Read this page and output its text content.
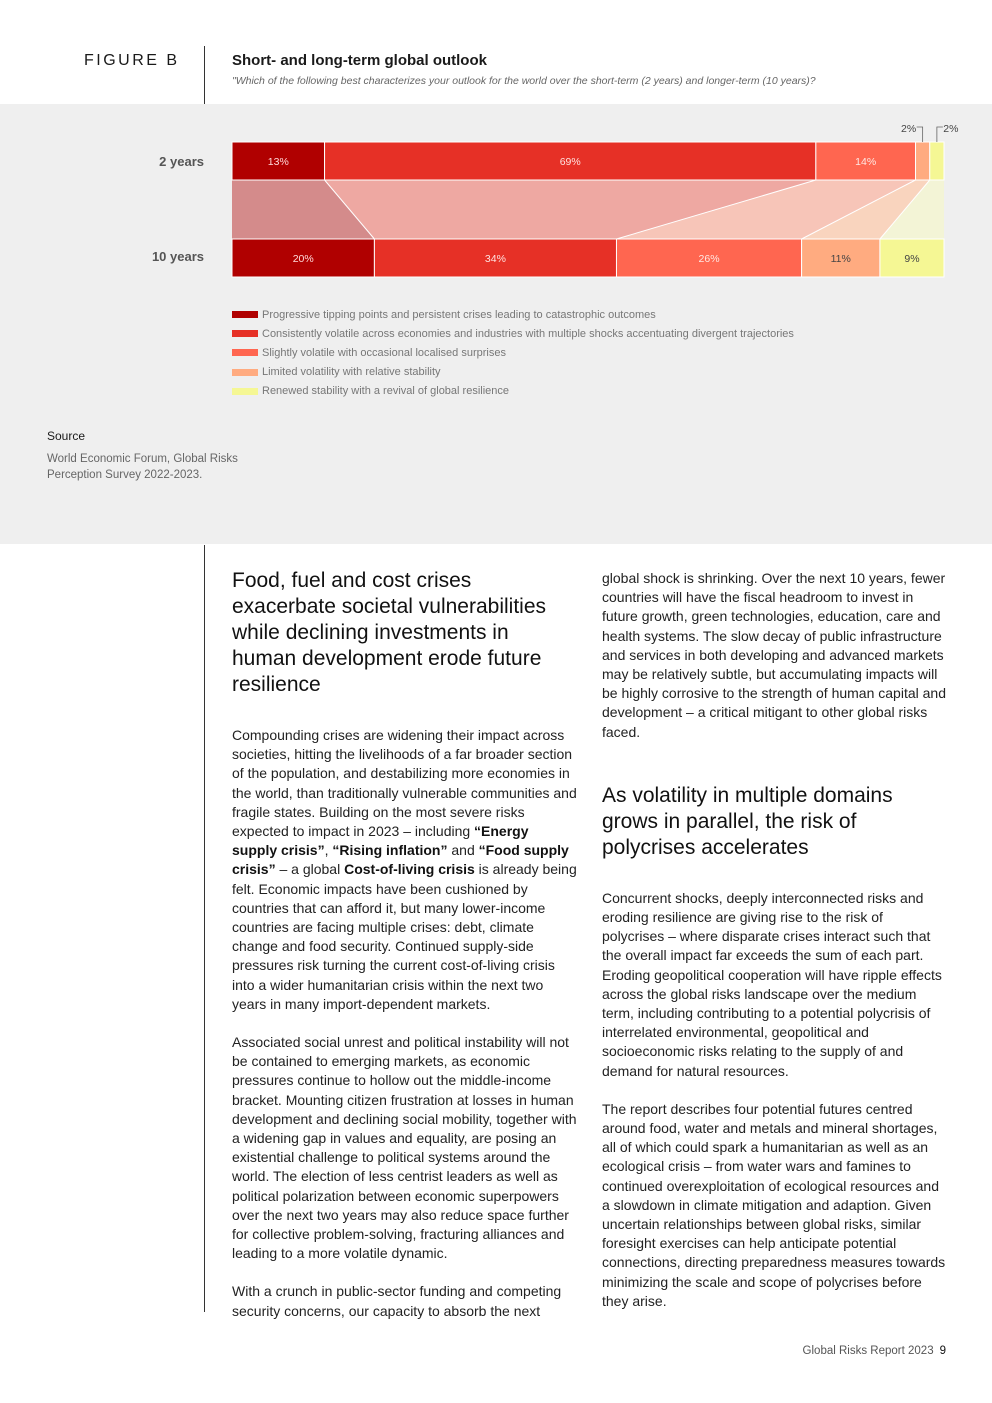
FIGURE B	Short- and long-term global outlook
"Which of the following best characterizes your outlook for the world over the short-term (2 years) and longer-term (10 years)?
2 years
10 years
13%	69%	14%
20%	34%	26%	11%	9%
2%	2%
Progressive tipping points and persistent crises leading to catastrophic outcomes
Consistently volatile across economies and industries with multiple shocks accentuating divergent trajectories
Slightly volatile with occasional localised surprises
Limited volatility with relative stability
Renewed stability with a revival of global resilience
Source
World Economic Forum, Global Risks Perception Survey 2022-2023.
Food, fuel and cost crises exacerbate societal vulnerabilities while declining investments in human development erode future resilience

Compounding crises are widening their impact across societies, hitting the livelihoods of a far broader section of the population, and destabilizing more economies in the world, than traditionally vulnerable communities and fragile states. Building on the most severe risks expected to impact in 2023 – including “Energy supply crisis”, “Rising inflation” and “Food supply crisis” – a global Cost-of-living crisis is already being felt. Economic impacts have been cushioned by countries that can afford it, but many lower-income countries are facing multiple crises: debt, climate change and food security. Continued supply-side pressures risk turning the current cost-of-living crisis into a wider humanitarian crisis within the next two years in many import-dependent markets.

Associated social unrest and political instability will not be contained to emerging markets, as economic pressures continue to hollow out the middle-income bracket. Mounting citizen frustration at losses in human development and declining social mobility, together with a widening gap in values and equality, are posing an existential challenge to political systems around the world. The election of less centrist leaders as well as political polarization between economic superpowers over the next two years may also reduce space further for collective problem-solving, fracturing alliances and leading to a more volatile dynamic.

With a crunch in public-sector funding and competing security concerns, our capacity to absorb the next

global shock is shrinking. Over the next 10 years, fewer countries will have the fiscal headroom to invest in future growth, green technologies, education, care and health systems. The slow decay of public infrastructure and services in both developing and advanced markets may be relatively subtle, but accumulating impacts will be highly corrosive to the strength of human capital and development – a critical mitigant to other global risks faced.

As volatility in multiple domains grows in parallel, the risk of polycrises accelerates

Concurrent shocks, deeply interconnected risks and eroding resilience are giving rise to the risk of polycrises – where disparate crises interact such that the overall impact far exceeds the sum of each part. Eroding geopolitical cooperation will have ripple effects across the global risks landscape over the medium term, including contributing to a potential polycrisis of interrelated environmental, geopolitical and socioeconomic risks relating to the supply of and demand for natural resources.

The report describes four potential futures centred around food, water and metals and mineral shortages, all of which could spark a humanitarian as well as an ecological crisis – from water wars and famines to continued overexploitation of ecological resources and a slowdown in climate mitigation and adaption. Given uncertain relationships between global risks, similar foresight exercises can help anticipate potential connections, directing preparedness measures towards minimizing the scale and scope of polycrises before they arise.

Global Risks Report 2023 9
